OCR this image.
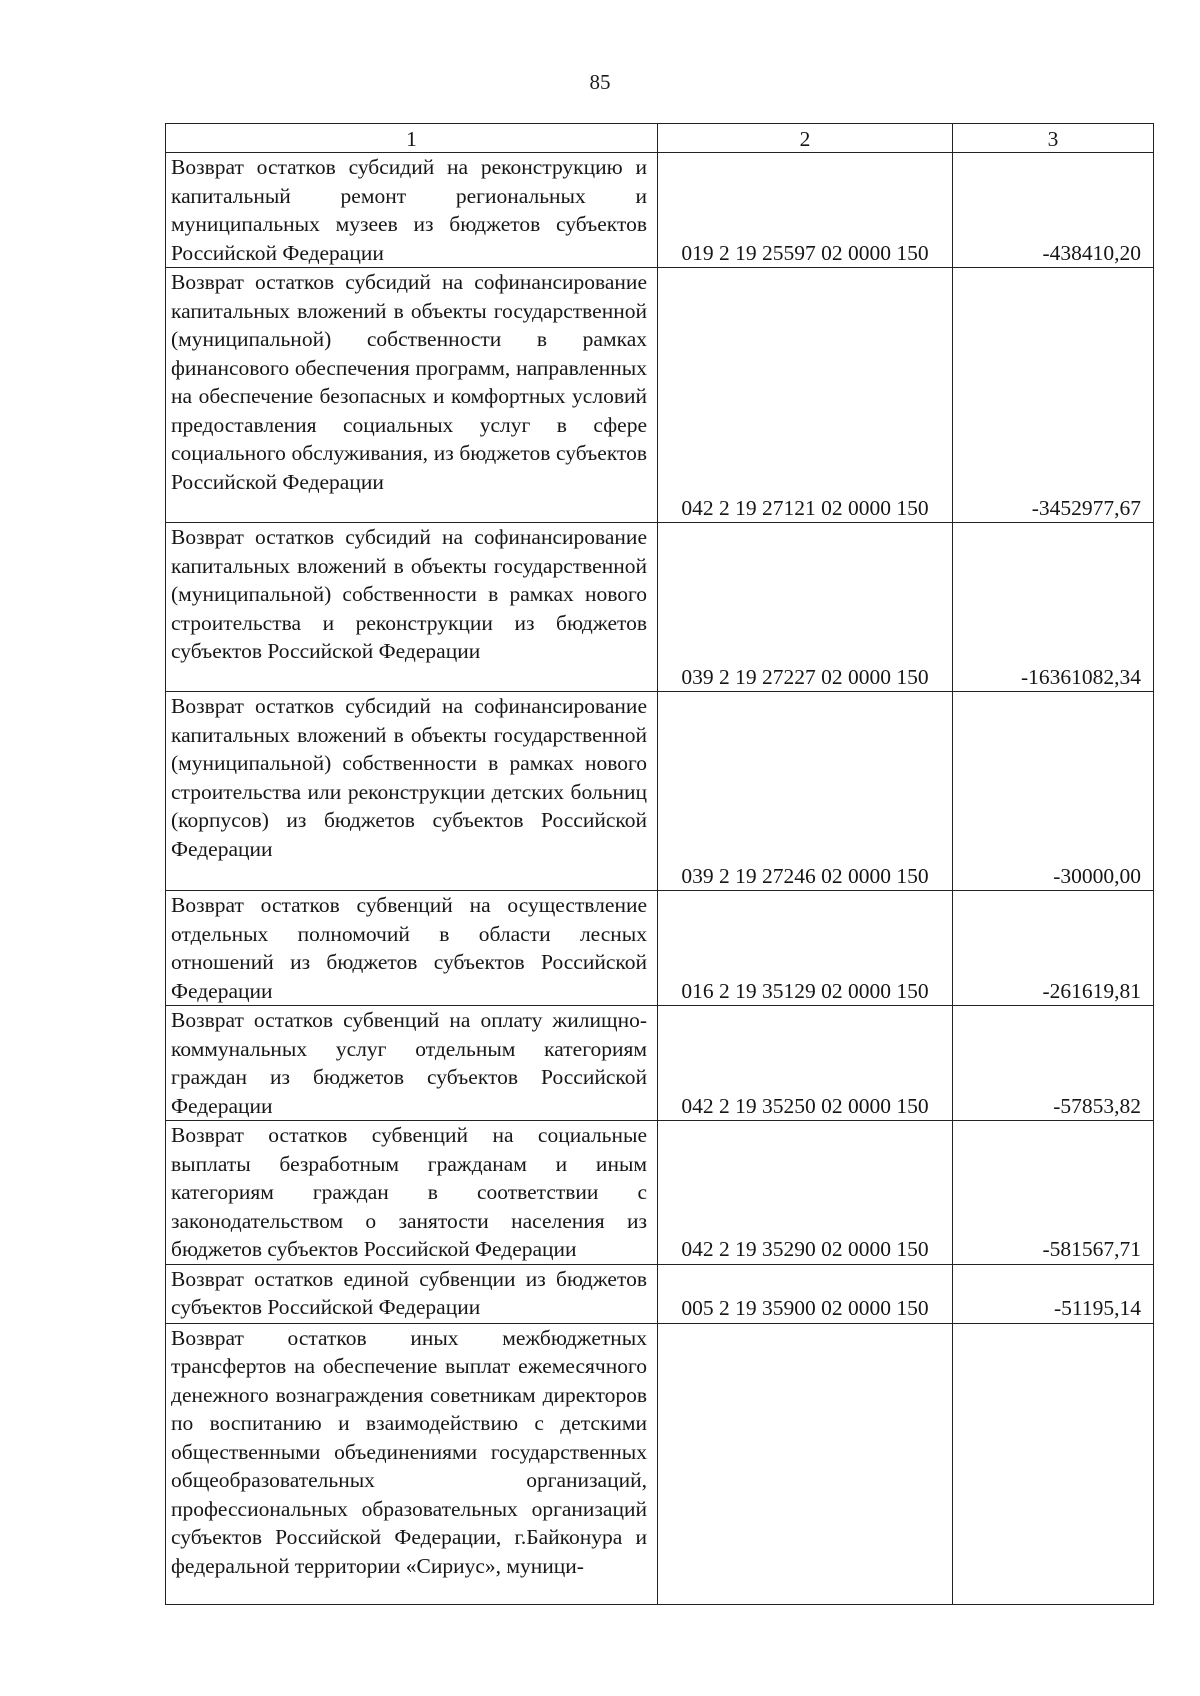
85
1	2	3

Возврат остатков субсидий на реконструкцию и капитальный ремонт региональных и муниципальных музеев из бюджетов субъектов Российской Федерации	019 2 19 25597 02 0000 150	-438410,20

Возврат остатков субсидий на софинансирование капитальных вложений в объекты государственной (муниципальной) собственности в рамках финансового обеспечения программ, направленных на обеспечение безопасных и комфортных условий предоставления социальных услуг в сфере социального обслуживания, из бюджетов субъектов Российской Федерации	042 2 19 27121 02 0000 150	-3452977,67

Возврат остатков субсидий на софинансирование капитальных вложений в объекты государственной (муниципальной) собственности в рамках нового строительства и реконструкции из бюджетов субъектов Российской Федерации	039 2 19 27227 02 0000 150	-16361082,34

Возврат остатков субсидий на софинансирование капитальных вложений в объекты государственной (муниципальной) собственности в рамках нового строительства или реконструкции детских больниц (корпусов) из бюджетов субъектов Российской Федерации	039 2 19 27246 02 0000 150	-30000,00

Возврат остатков субвенций на осуществление отдельных полномочий в области лесных отношений из бюджетов субъектов Российской Федерации	016 2 19 35129 02 0000 150	-261619,81

Возврат остатков субвенций на оплату жилищно-коммунальных услуг отдельным категориям граждан из бюджетов субъектов Российской Федерации	042 2 19 35250 02 0000 150	-57853,82

Возврат остатков субвенций на социальные выплаты безработным гражданам и иным категориям граждан в соответствии с законодательством о занятости населения из бюджетов субъектов Российской Федерации	042 2 19 35290 02 0000 150	-581567,71

Возврат остатков единой субвенции из бюджетов субъектов Российской Федерации	005 2 19 35900 02 0000 150	-51195,14

Возврат остатков иных межбюджетных трансфертов на обеспечение выплат ежемесячного денежного вознаграждения советникам директоров по воспитанию и взаимодействию с детскими общественными объединениями государственных общеобразовательных организаций, профессиональных образовательных организаций субъектов Российской Федерации, г.Байконура и федеральной территории «Сириус», муници-		
